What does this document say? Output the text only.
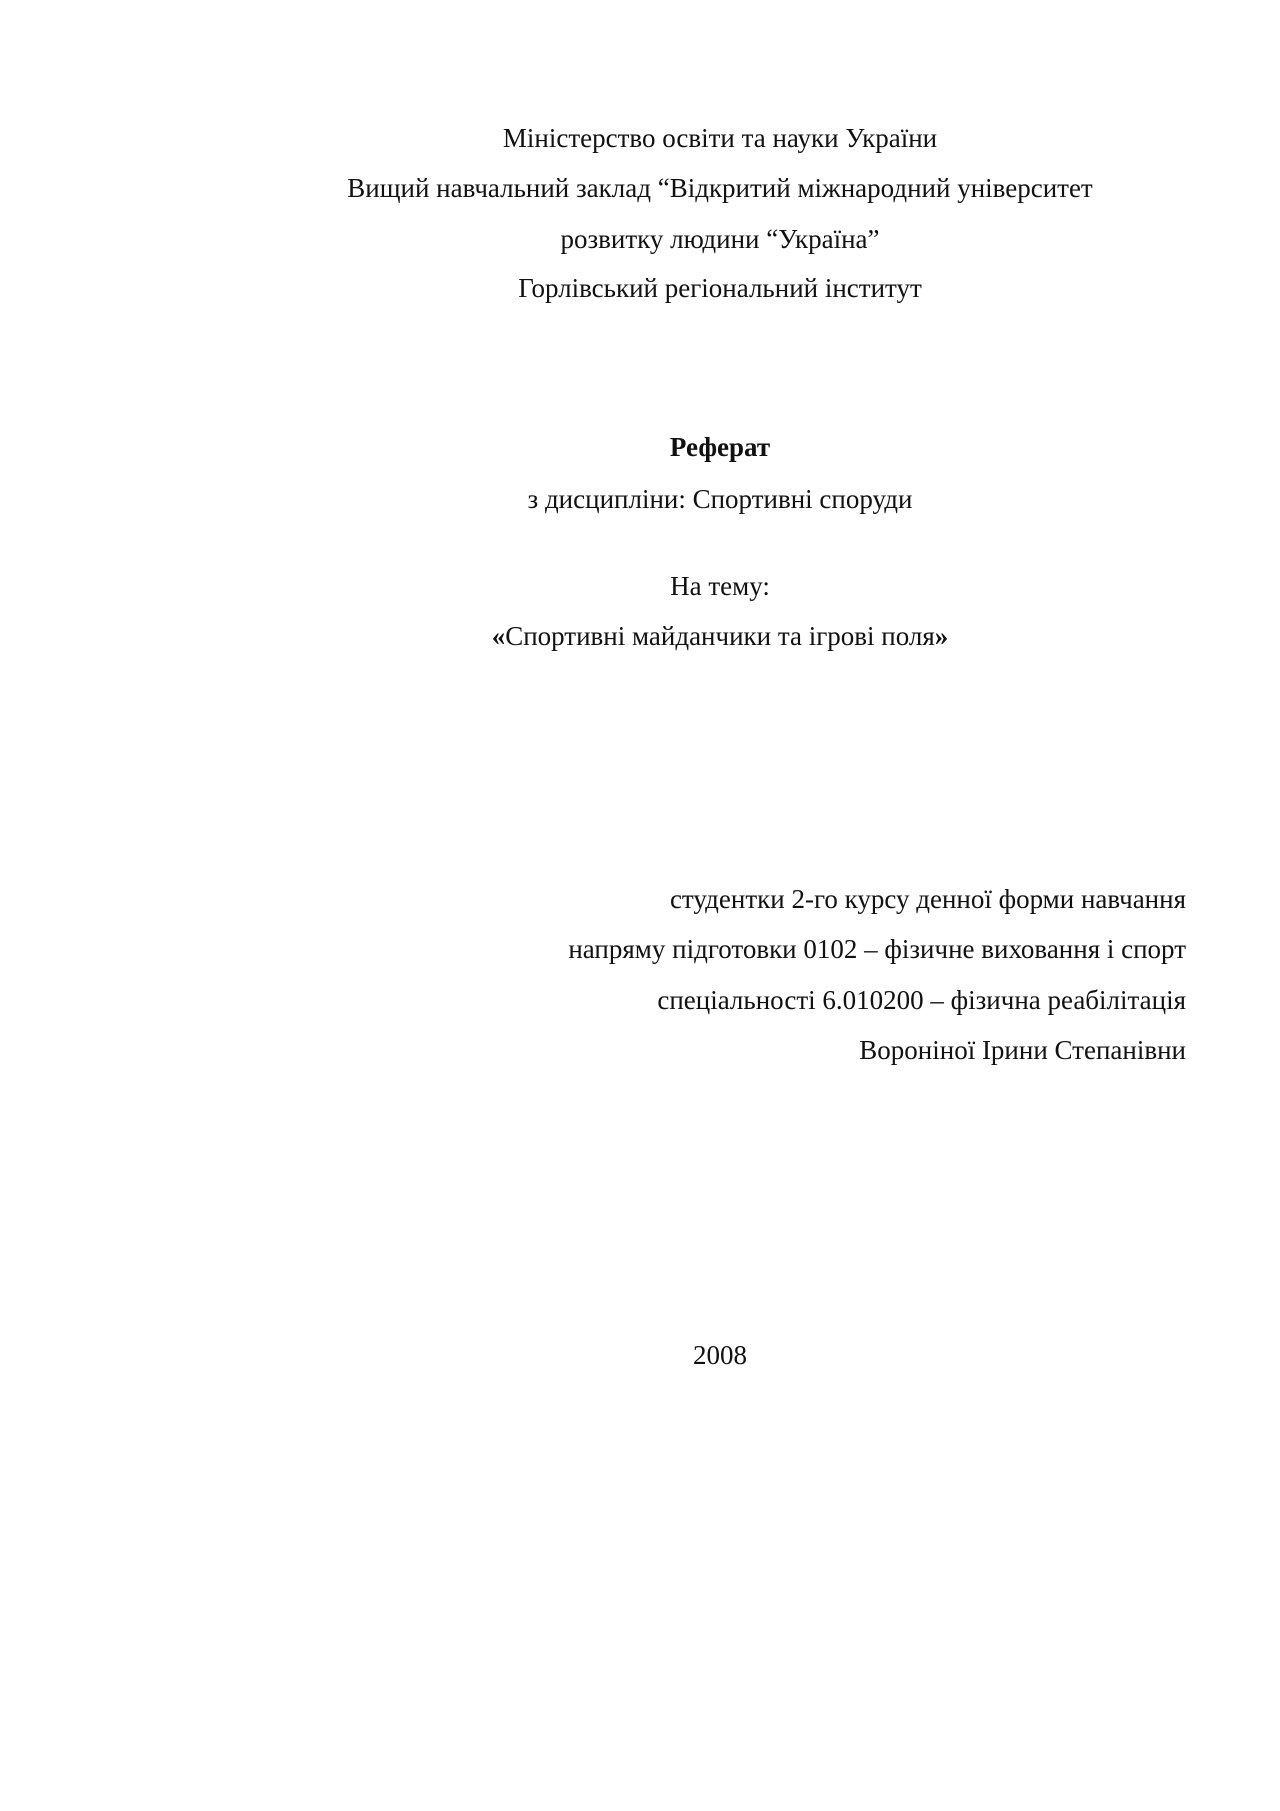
Міністерство освіти та науки України
Вищий навчальний заклад “Відкритий міжнародний університет
розвитку людини “Україна”
Горлівський регіональний інститут
Реферат
з дисципліни: Спортивні споруди
На тему:
«Спортивні майданчики та ігрові поля»
студентки 2-го курсу денної форми навчання
напряму підготовки 0102 – фізичне виховання і спорт
спеціальності 6.010200 – фізична реабілітація
Вороніної Ірини Степанівни
2008
